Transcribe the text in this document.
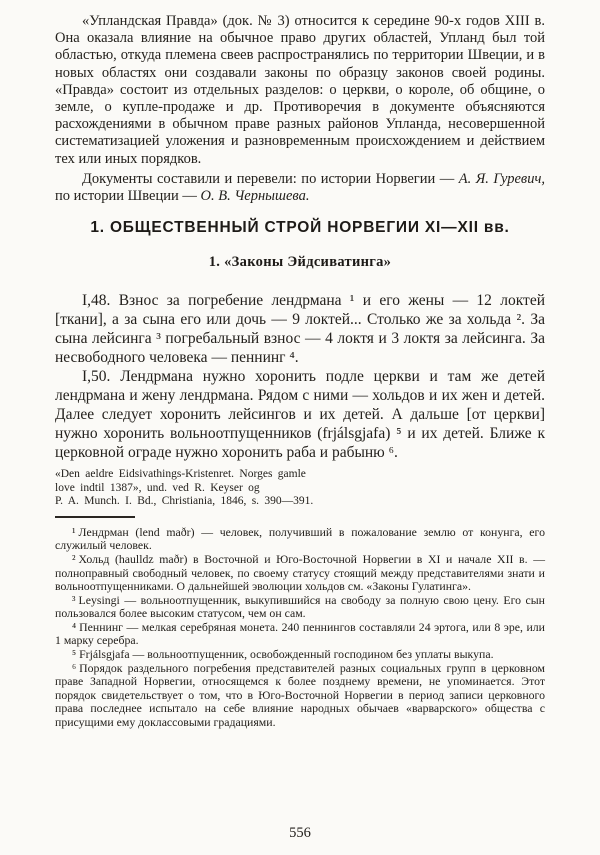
«Упландская Правда» (док. № 3) относится к середине 90-х годов XIII в. Она оказала влияние на обычное право других областей, Упланд был той областью, откуда племена свеев распространялись по территории Швеции, и в новых областях они создавали законы по образцу законов своей родины. «Правда» состоит из отдельных разделов: о церкви, о короле, об общине, о земле, о купле-продаже и др. Противоречия в документе объясняются расхождениями в обычном праве разных районов Упланда, несовершенной систематизацией уложения и разновременным происхождением и действием тех или иных порядков.

Документы составили и перевели: по истории Норвегии — А. Я. Гуревич, по истории Швеции — О. В. Чернышева.

1. ОБЩЕСТВЕННЫЙ СТРОЙ НОРВЕГИИ XI—XII вв.
1. «Законы Эйдсиватинга»

I,48. Взнос за погребение лендрмана ¹ и его жены — 12 локтей [ткани], а за сына его или дочь — 9 локтей... Столько же за хольда ². За сына лейсинга ³ погребальный взнос — 4 локтя и 3 локтя за лейсинга. За несвободного человека — пеннинг ⁴.

I,50. Лендрмана нужно хоронить подле церкви и там же детей лендрмана и жену лендрмана. Рядом с ними — хольдов и их жен и детей. Далее следует хоронить лейсингов и их детей. А дальше [от церкви] нужно хоронить вольноотпущенников (frjálsgjafa) ⁵ и их детей. Ближе к церковной ограде нужно хоронить раба и рабыню ⁶.

«Den aeldre Eidsivathings-Kristenret. Norges gamle
love indtil 1387», und. ved R. Keyser og
P. A. Munch. I. Bd., Christiania, 1846, s. 390—391.

¹ Лендрман (lend maðr) — человек, получивший в пожалование землю от конунга, его служилый человек.

² Хольд (haulldz maðr) в Восточной и Юго-Восточной Норвегии в XI и начале XII в. — полноправный свободный человек, по своему статусу стоящий между представителями знати и вольноотпущенниками. О дальнейшей эволюции хольдов см. «Законы Гулатинга».

³ Leysingi — вольноотпущенник, выкупившийся на свободу за полную свою цену. Его сын пользовался более высоким статусом, чем он сам.

⁴ Пеннинг — мелкая серебряная монета. 240 пеннингов составляли 24 эртога, или 8 эре, или 1 марку серебра.

⁵ Frjálsgjafa — вольноотпущенник, освобожденный господином без уплаты выкупа.

⁶ Порядок раздельного погребения представителей разных социальных групп в церковном праве Западной Норвегии, относящемся к более позднему времени, не упоминается. Этот порядок свидетельствует о том, что в Юго-Восточной Норвегии в период записи церковного права последнее испытало на себе влияние народных обычаев «варварского» общества с присущими ему доклассовыми градациями.

556
